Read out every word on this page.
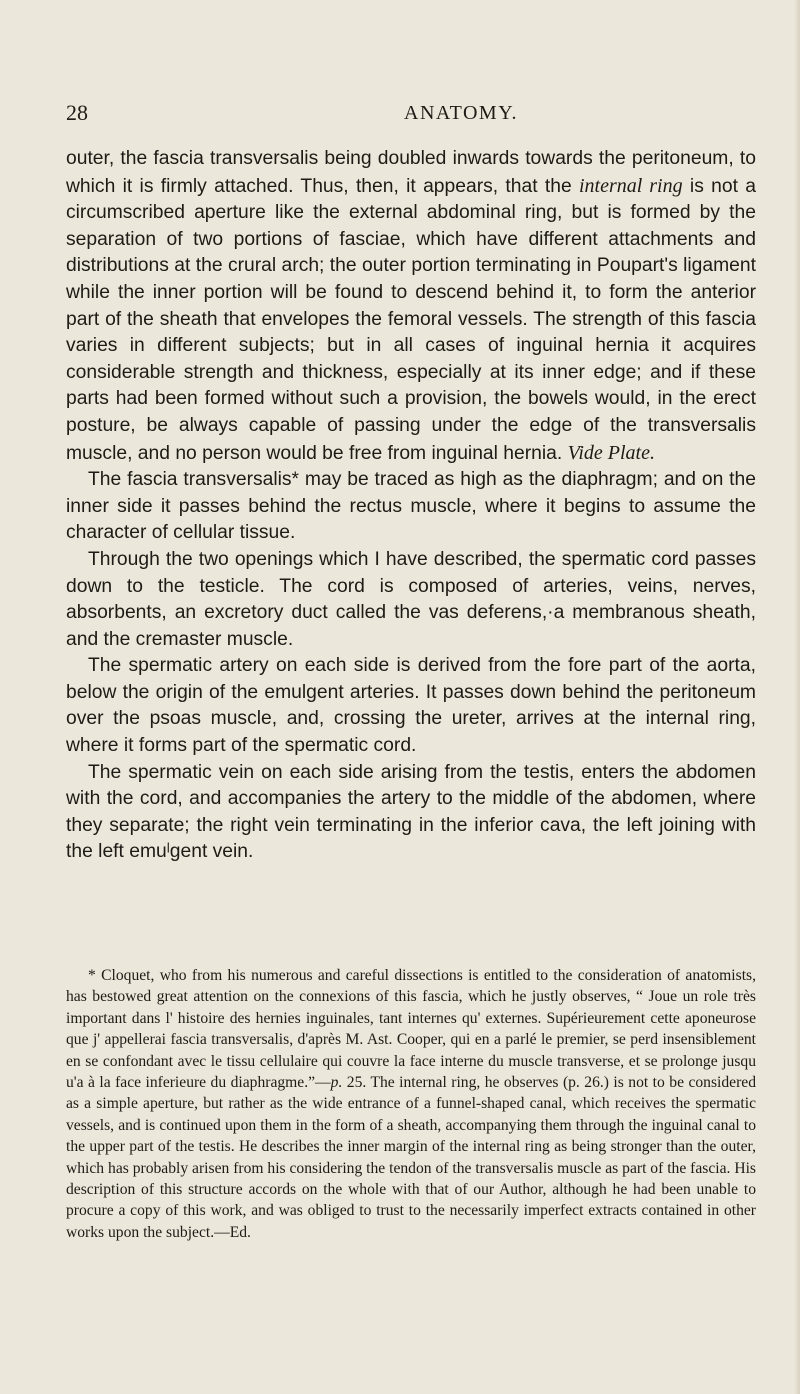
28	ANATOMY.

outer, the fascia transversalis being doubled inwards towards the peritoneum, to which it is firmly attached. Thus, then, it appears, that the internal ring is not a circumscribed aperture like the external abdominal ring, but is formed by the separation of two portions of fasciae, which have different attachments and distributions at the crural arch; the outer portion terminating in Poupart's ligament while the inner portion will be found to descend behind it, to form the anterior part of the sheath that envelopes the femoral vessels. The strength of this fascia varies in different subjects; but in all cases of inguinal hernia it acquires considerable strength and thickness, especially at its inner edge; and if these parts had been formed without such a provision, the bowels would, in the erect posture, be always capable of passing under the edge of the transversalis muscle, and no person would be free from inguinal hernia. Vide Plate.

The fascia transversalis* may be traced as high as the diaphragm; and on the inner side it passes behind the rectus muscle, where it begins to assume the character of cellular tissue.

Through the two openings which I have described, the spermatic cord passes down to the testicle. The cord is composed of arteries, veins, nerves, absorbents, an excretory duct called the vas deferens,·a membranous sheath, and the cremaster muscle.

The spermatic artery on each side is derived from the fore part of the aorta, below the origin of the emulgent arteries. It passes down behind the peritoneum over the psoas muscle, and, crossing the ureter, arrives at the internal ring, where it forms part of the spermatic cord.

The spermatic vein on each side arising from the testis, enters the abdomen with the cord, and accompanies the artery to the middle of the abdomen, where they separate; the right vein terminating in the inferior cava, the left joining with the left emuˡgent vein.

* Cloquet, who from his numerous and careful dissections is entitled to the consideration of anatomists, has bestowed great attention on the connexions of this fascia, which he justly observes, “ Joue un role très important dans l' histoire des hernies inguinales, tant internes qu' externes. Supérieurement cette aponeurose que j' appellerai fascia transversalis, d'après M. Ast. Cooper, qui en a parlé le premier, se perd insensiblement en se confondant avec le tissu cellulaire qui couvre la face interne du muscle transverse, et se prolonge jusqu u'a à la face inferieure du diaphragme.”—p. 25. The internal ring, he observes (p. 26.) is not to be considered as a simple aperture, but rather as the wide entrance of a funnel-shaped canal, which receives the spermatic vessels, and is continued upon them in the form of a sheath, accompanying them through the inguinal canal to the upper part of the testis. He describes the inner margin of the internal ring as being stronger than the outer, which has probably arisen from his considering the tendon of the transversalis muscle as part of the fascia. His description of this structure accords on the whole with that of our Author, although he had been unable to procure a copy of this work, and was obliged to trust to the necessarily imperfect extracts contained in other works upon the subject.—Ed.
